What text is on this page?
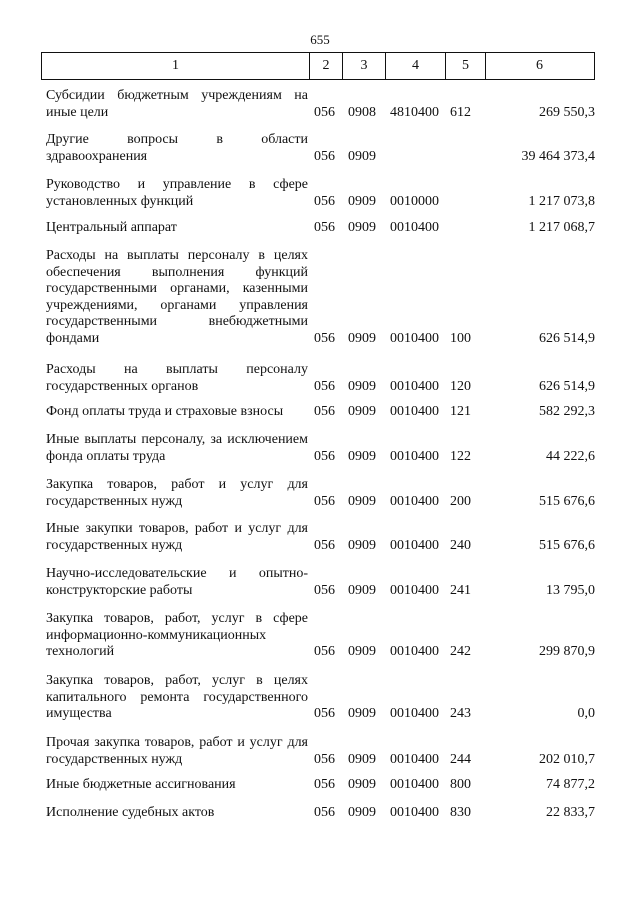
655
1	2	3	4	5	6
Субсидии бюджетным учреждениям на иные цели	056 0908 4810400 612	269 550,3
Другие вопросы в области здравоохранения	056 0909	39 464 373,4
Руководство и управление в сфере установленных функций	056 0909 0010000	1 217 073,8
Центральный аппарат	056 0909 0010400	1 217 068,7
Расходы на выплаты персоналу в целях обеспечения выполнения функций государственными органами, казенными учреждениями, органами управления государственными внебюджетными фондами	056 0909 0010400 100	626 514,9
Расходы на выплаты персоналу государственных органов	056 0909 0010400 120	626 514,9
Фонд оплаты труда и страховые взносы	056 0909 0010400 121	582 292,3
Иные выплаты персоналу, за исключением фонда оплаты труда	056 0909 0010400 122	44 222,6
Закупка товаров, работ и услуг для государственных нужд	056 0909 0010400 200	515 676,6
Иные закупки товаров, работ и услуг для государственных нужд	056 0909 0010400 240	515 676,6
Научно-исследовательские и опытно-конструкторские работы	056 0909 0010400 241	13 795,0
Закупка товаров, работ, услуг в сфере информационно-коммуникационных технологий	056 0909 0010400 242	299 870,9
Закупка товаров, работ, услуг в целях капитального ремонта государственного имущества	056 0909 0010400 243	0,0
Прочая закупка товаров, работ и услуг для государственных нужд	056 0909 0010400 244	202 010,7
Иные бюджетные ассигнования	056 0909 0010400 800	74 877,2
Исполнение судебных актов	056 0909 0010400 830	22 833,7
